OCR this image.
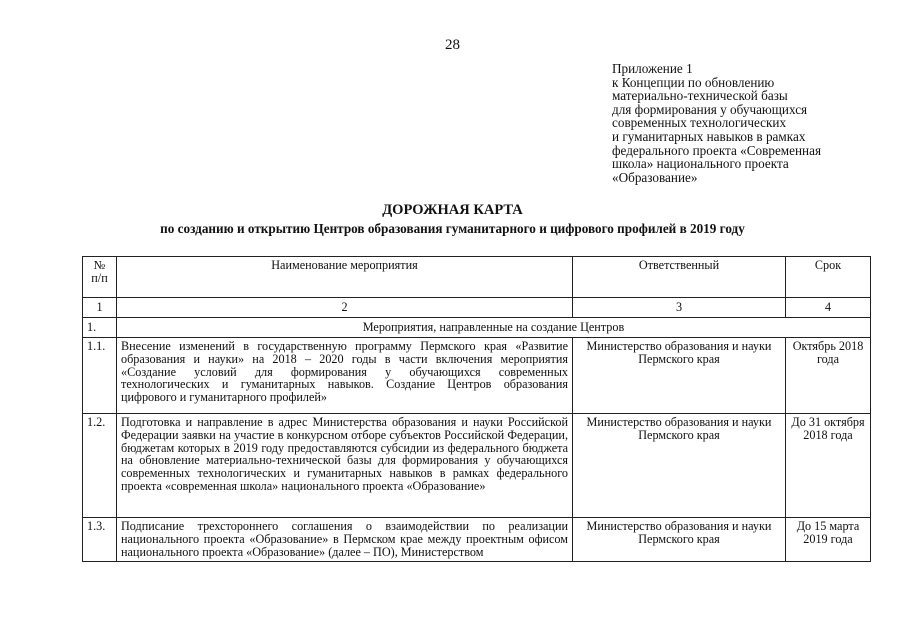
28
Приложение 1
к Концепции по обновлению
материально-технической базы
для формирования у обучающихся
современных технологических
и гуманитарных навыков в рамках
федерального проекта «Современная
школа» национального проекта
«Образование»
ДОРОЖНАЯ КАРТА
по созданию и открытию Центров образования гуманитарного и цифрового профилей в 2019 году
№ п/п	Наименование мероприятия	Ответственный	Срок
1	2	3	4
1.	Мероприятия, направленные на создание Центров		
1.1.	Внесение изменений в государственную программу Пермского края «Развитие образования и науки» на 2018 – 2020 годы в части включения мероприятия «Создание условий для формирования у обучающихся современных технологических и гуманитарных навыков. Создание Центров образования цифрового и гуманитарного профилей»	Министерство образования и науки Пермского края	Октябрь 2018 года
1.2.	Подготовка и направление в адрес Министерства образования и науки Российской Федерации заявки на участие в конкурсном отборе субъектов Российской Федерации, бюджетам которых в 2019 году предоставляются субсидии из федерального бюджета на обновление материально-технической базы для формирования у обучающихся современных технологических и гуманитарных навыков в рамках федерального проекта «современная школа» национального проекта «Образование»	Министерство образования и науки Пермского края	До 31 октября 2018 года
1.3.	Подписание трехстороннего соглашения о взаимодействии по реализации национального проекта «Образование» в Пермском крае между проектным офисом национального проекта «Образование» (далее – ПО), Министерством	Министерство образования и науки Пермского края	До 15 марта 2019 года
